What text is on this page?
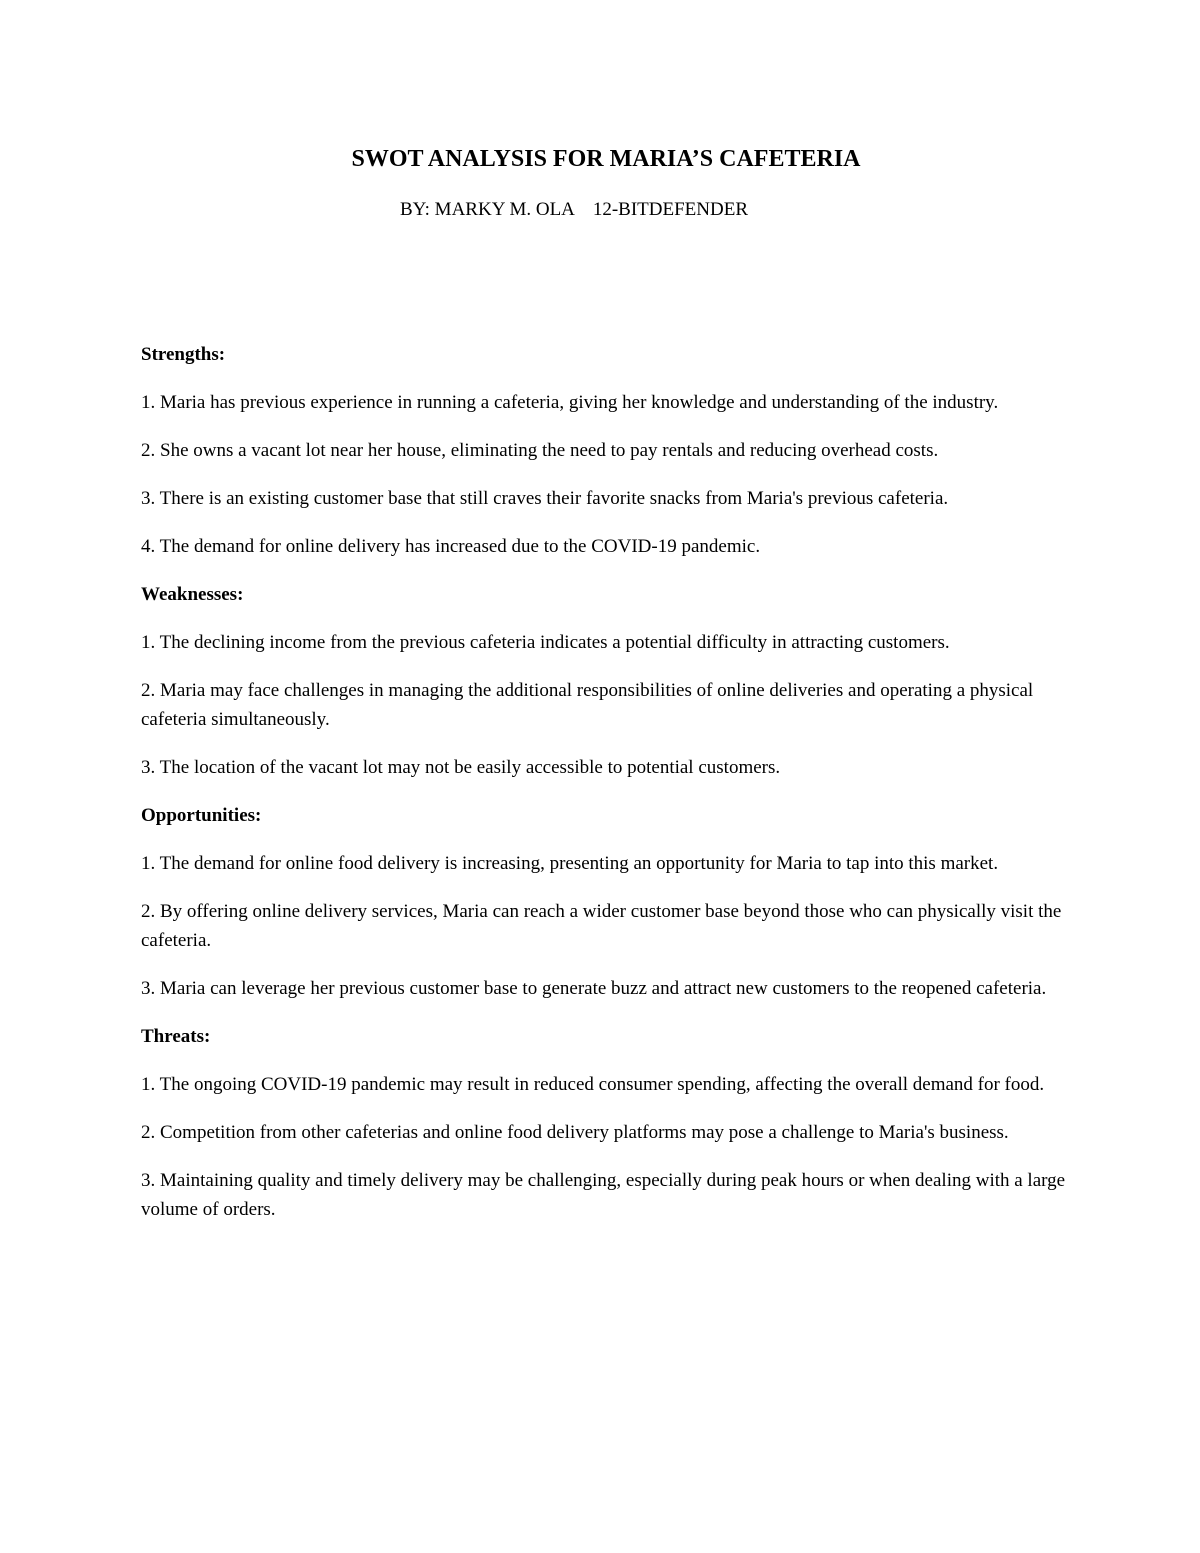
SWOT ANALYSIS FOR MARIA’S CAFETERIA

BY: MARKY M. OLA    12-BITDEFENDER

Strengths:

1. Maria has previous experience in running a cafeteria, giving her knowledge and understanding of the industry.

2. She owns a vacant lot near her house, eliminating the need to pay rentals and reducing overhead costs.

3. There is an existing customer base that still craves their favorite snacks from Maria's previous cafeteria.

4. The demand for online delivery has increased due to the COVID-19 pandemic.

Weaknesses:

1. The declining income from the previous cafeteria indicates a potential difficulty in attracting customers.

2. Maria may face challenges in managing the additional responsibilities of online deliveries and operating a physical cafeteria simultaneously.

3. The location of the vacant lot may not be easily accessible to potential customers.

Opportunities:

1. The demand for online food delivery is increasing, presenting an opportunity for Maria to tap into this market.

2. By offering online delivery services, Maria can reach a wider customer base beyond those who can physically visit the cafeteria.

3. Maria can leverage her previous customer base to generate buzz and attract new customers to the reopened cafeteria.

Threats:

1. The ongoing COVID-19 pandemic may result in reduced consumer spending, affecting the overall demand for food.

2. Competition from other cafeterias and online food delivery platforms may pose a challenge to Maria's business.

3. Maintaining quality and timely delivery may be challenging, especially during peak hours or when dealing with a large volume of orders.
